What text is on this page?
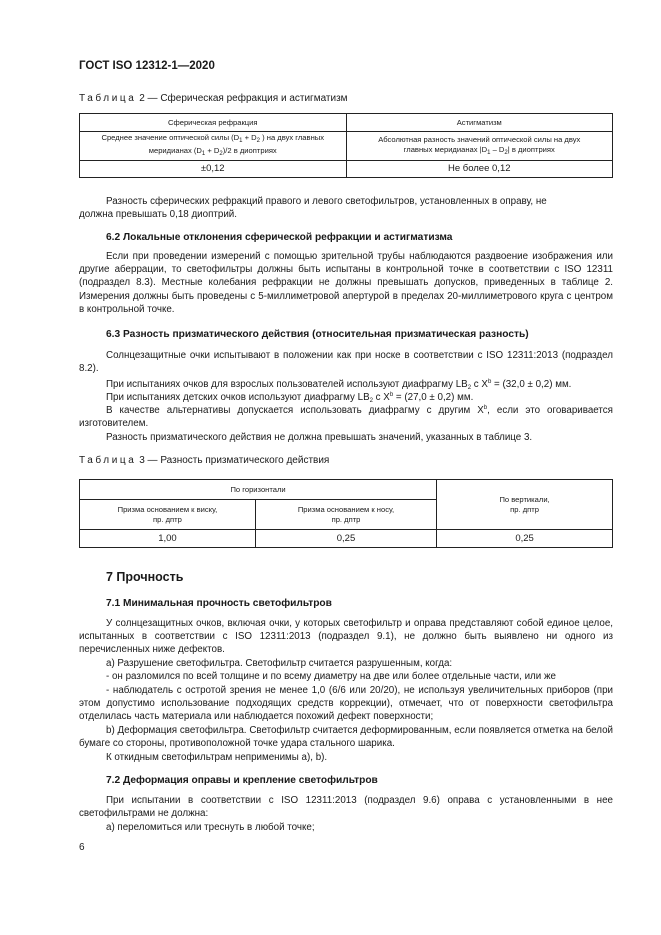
ГОСТ ISO 12312-1—2020
Таблица 2 — Сферическая рефракция и астигматизм
Сферическая рефракция	Астигматизм
Среднее значение оптической силы ($D_1 + D_2$ ) на двух главных
меридианах $(D_1 + D_2)/2$ в диоптриях	Абсолютная разность значений оптической силы на двух
главных меридианах $|D_1 - D_2|$ в диоптриях
±0,12	Не более 0,12
Разность сферических рефракций правого и левого светофильтров, установленных в оправу, не
должна превышать 0,18 диоптрий.
6.2 Локальные отклонения сферической рефракции и астигматизма
Если при проведении измерений с помощью зрительной трубы наблюдаются раздвоение изображения или другие аберрации, то светофильтры должны быть испытаны в контрольной точке в соответствии с ISO 12311 (подраздел 8.3). Местные колебания рефракции не должны превышать допусков, приведенных в таблице 2. Измерения должны быть проведены с 5-миллиметровой апертурой в пределах 20-миллиметрового круга с центром в контрольной точке.
6.3 Разность призматического действия (относительная призматическая разность)
Солнцезащитные очки испытывают в положении как при носке в соответствии с ISO 12311:2013 (подраздел 8.2).
При испытаниях очков для взрослых пользователей используют диафрагму $LB_2$ с $X^b = (32,0 \pm 0,2)$ мм.
При испытаниях детских очков используют диафрагму $LB_2$ с $X^b = (27,0 \pm 0,2)$ мм.
В качестве альтернативы допускается использовать диафрагму с другим $X^b$, если это оговаривается изготовителем.
Разность призматического действия не должна превышать значений, указанных в таблице 3.
Таблица 3 — Разность призматического действия
По горизонтали		По вертикали,
пр. дптр
Призма основанием к виску,
пр. дптр	Призма основанием к носу,
пр. дптр	
1,00	0,25	0,25
7 Прочность
7.1 Минимальная прочность светофильтров
У солнцезащитных очков, включая очки, у которых светофильтр и оправа представляют собой единое целое, испытанных в соответствии с ISO 12311:2013 (подраздел 9.1), не должно быть выявлено ни одного из перечисленных ниже дефектов.
а) Разрушение светофильтра. Светофильтр считается разрушенным, когда:
- он разломился по всей толщине и по всему диаметру на две или более отдельные части, или же
- наблюдатель с остротой зрения не менее 1,0 (6/6 или 20/20), не используя увеличительных приборов (при этом допустимо использование подходящих средств коррекции), отмечает, что от поверхности светофильтра отделилась часть материала или наблюдается похожий дефект поверхности;
b) Деформация светофильтра. Светофильтр считается деформированным, если появляется отметка на белой бумаге со стороны, противоположной точке удара стального шарика.
К откидным светофильтрам неприменимы а), b).
7.2 Деформация оправы и крепление светофильтров
При испытании в соответствии с ISO 12311:2013 (подраздел 9.6) оправа с установленными в нее светофильтрами не должна:
а) переломиться или треснуть в любой точке;
6
